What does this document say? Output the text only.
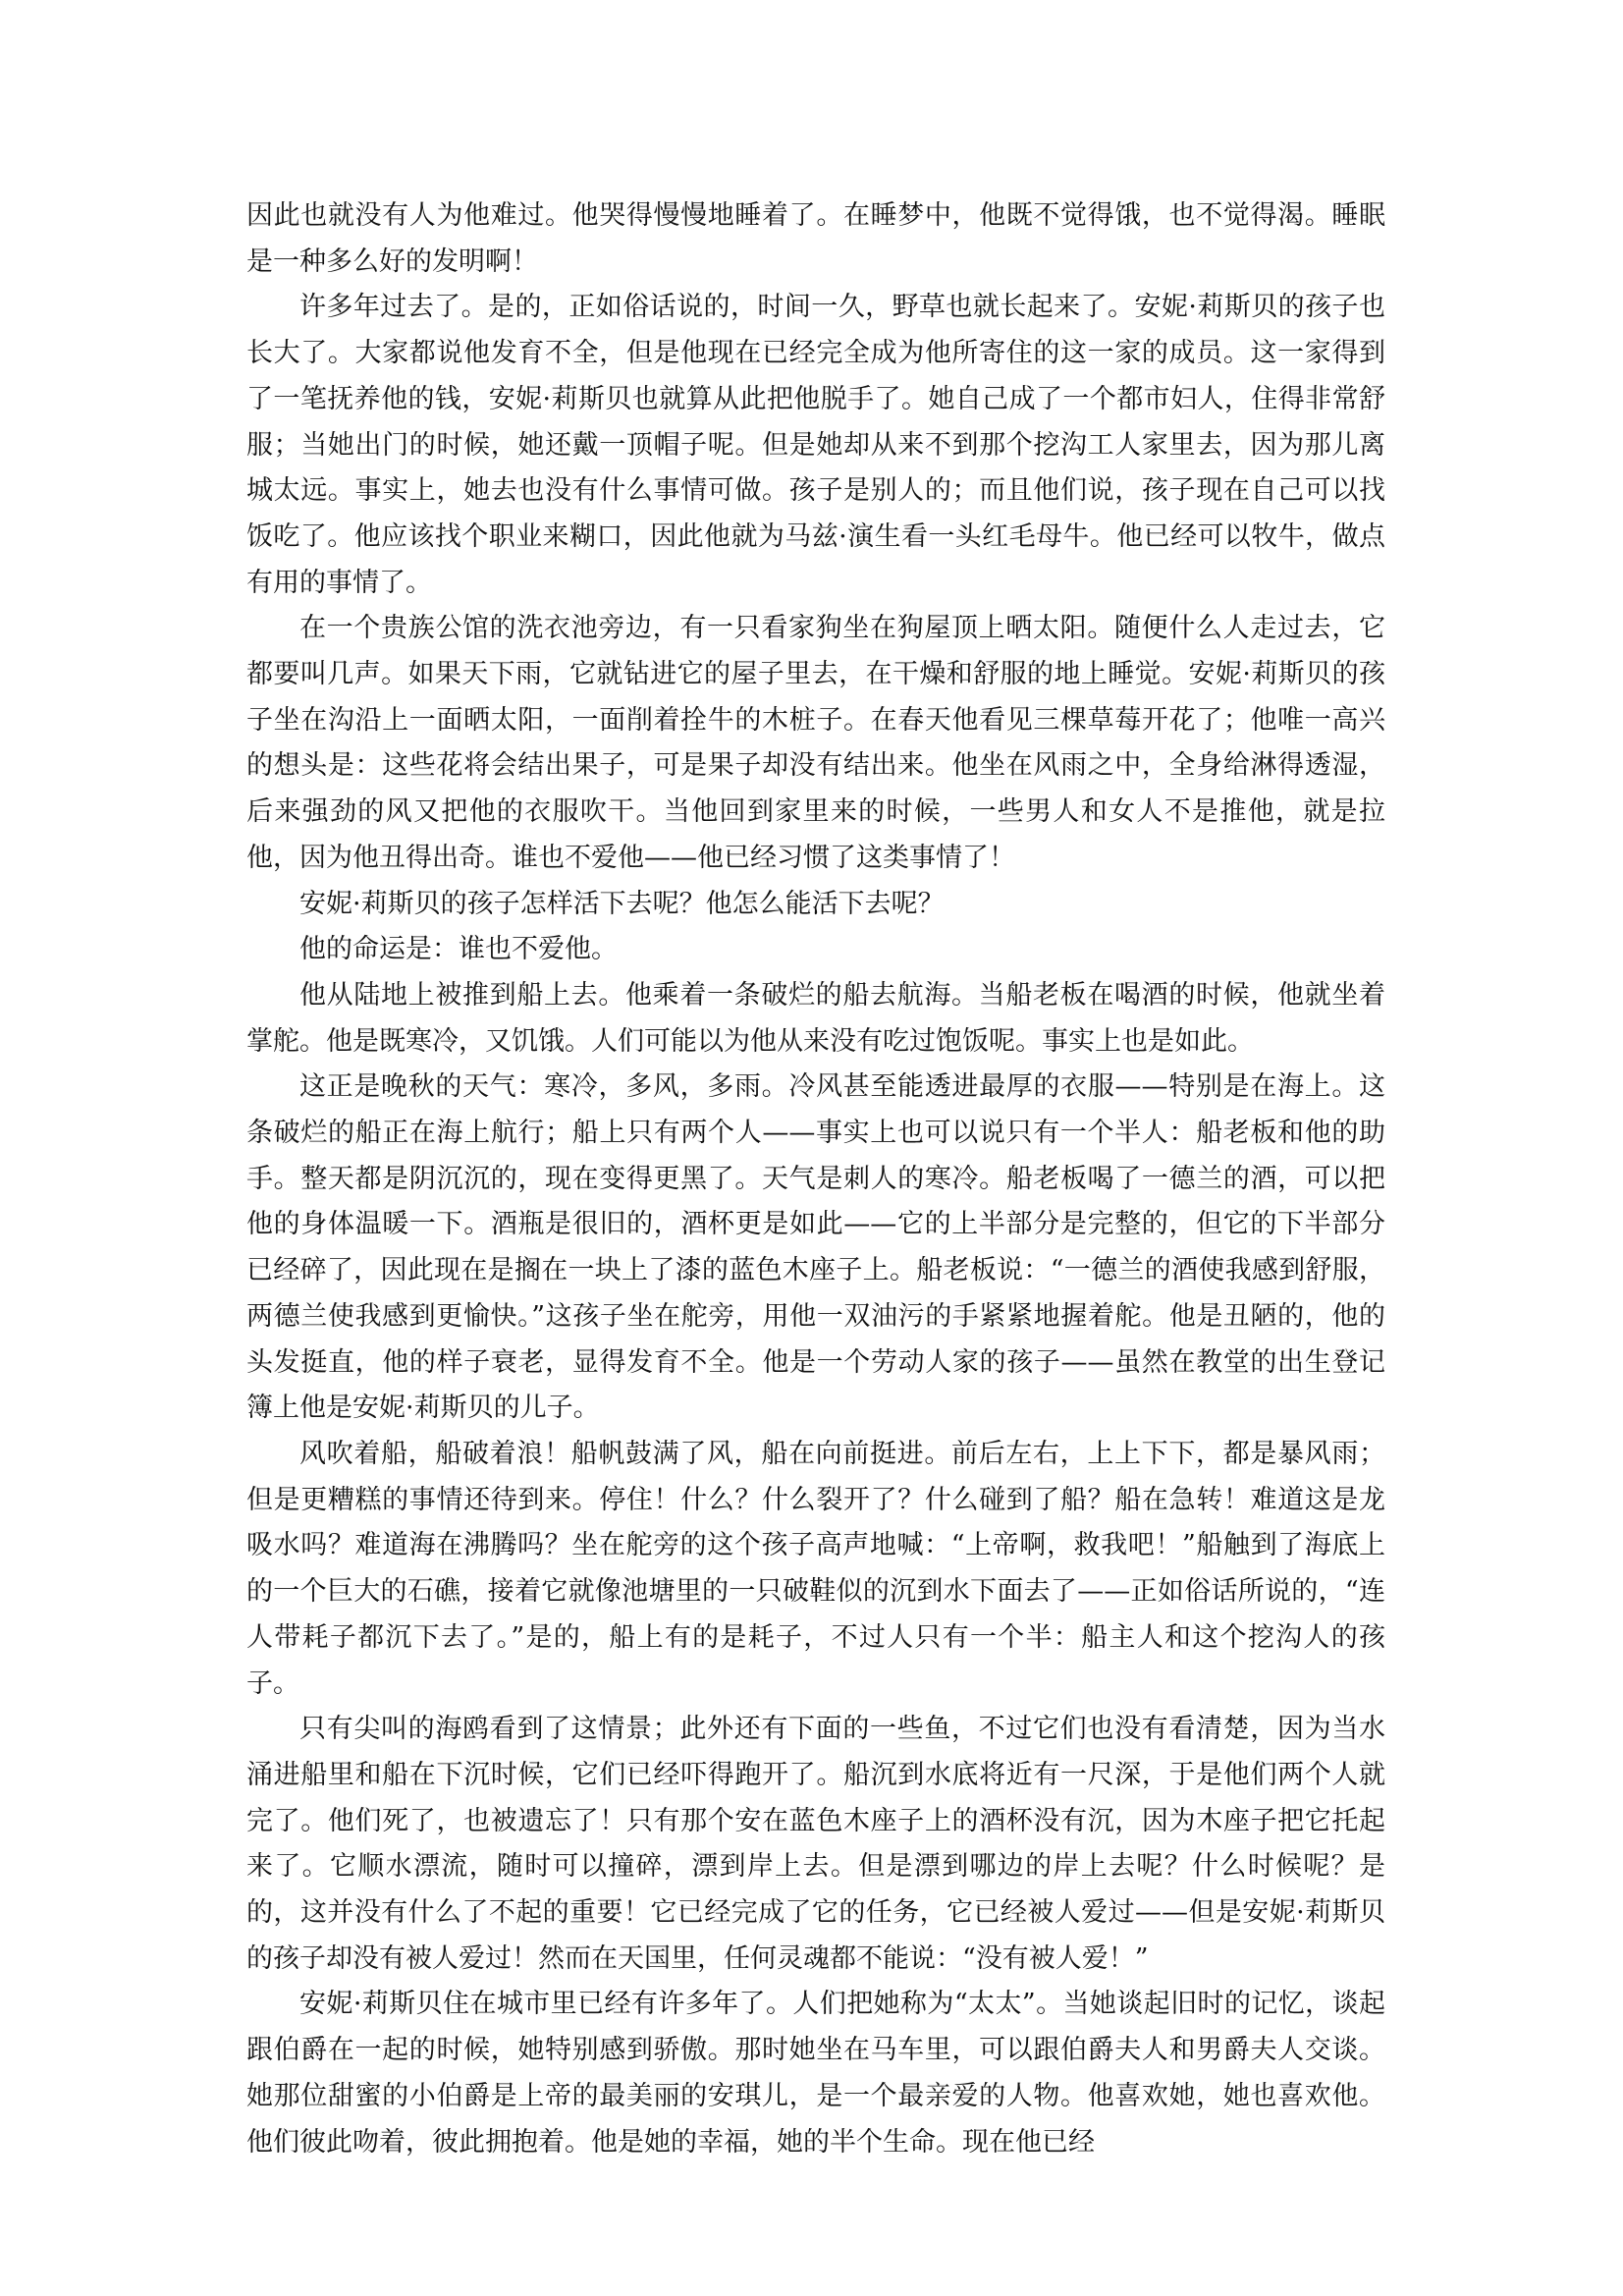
因此也就没有人为他难过。他哭得慢慢地睡着了。在睡梦中，他既不觉得饿，也不觉得渴。睡眠是一种多么好的发明啊！

许多年过去了。是的，正如俗话说的，时间一久，野草也就长起来了。安妮·莉斯贝的孩子也长大了。大家都说他发育不全，但是他现在已经完全成为他所寄住的这一家的成员。这一家得到了一笔抚养他的钱，安妮·莉斯贝也就算从此把他脱手了。她自己成了一个都市妇人，住得非常舒服；当她出门的时候，她还戴一顶帽子呢。但是她却从来不到那个挖沟工人家里去，因为那儿离城太远。事实上，她去也没有什么事情可做。孩子是别人的；而且他们说，孩子现在自己可以找饭吃了。他应该找个职业来糊口，因此他就为马兹·演生看一头红毛母牛。他已经可以牧牛，做点有用的事情了。

在一个贵族公馆的洗衣池旁边，有一只看家狗坐在狗屋顶上晒太阳。随便什么人走过去，它都要叫几声。如果天下雨，它就钻进它的屋子里去，在干燥和舒服的地上睡觉。安妮·莉斯贝的孩子坐在沟沿上一面晒太阳，一面削着拴牛的木桩子。在春天他看见三棵草莓开花了；他唯一高兴的想头是：这些花将会结出果子，可是果子却没有结出来。他坐在风雨之中，全身给淋得透湿，后来强劲的风又把他的衣服吹干。当他回到家里来的时候，一些男人和女人不是推他，就是拉他，因为他丑得出奇。谁也不爱他——他已经习惯了这类事情了！

安妮·莉斯贝的孩子怎样活下去呢？他怎么能活下去呢？

他的命运是：谁也不爱他。

他从陆地上被推到船上去。他乘着一条破烂的船去航海。当船老板在喝酒的时候，他就坐着掌舵。他是既寒冷，又饥饿。人们可能以为他从来没有吃过饱饭呢。事实上也是如此。

这正是晚秋的天气：寒冷，多风，多雨。冷风甚至能透进最厚的衣服——特别是在海上。这条破烂的船正在海上航行；船上只有两个人——事实上也可以说只有一个半人：船老板和他的助手。整天都是阴沉沉的，现在变得更黑了。天气是刺人的寒冷。船老板喝了一德兰的酒，可以把他的身体温暖一下。酒瓶是很旧的，酒杯更是如此——它的上半部分是完整的，但它的下半部分已经碎了，因此现在是搁在一块上了漆的蓝色木座子上。船老板说：“一德兰的酒使我感到舒服，两德兰使我感到更愉快。”这孩子坐在舵旁，用他一双油污的手紧紧地握着舵。他是丑陋的，他的头发挺直，他的样子衰老，显得发育不全。他是一个劳动人家的孩子——虽然在教堂的出生登记簿上他是安妮·莉斯贝的儿子。

风吹着船，船破着浪！船帆鼓满了风，船在向前挺进。前后左右，上上下下，都是暴风雨；但是更糟糕的事情还待到来。停住！什么？什么裂开了？什么碰到了船？船在急转！难道这是龙吸水吗？难道海在沸腾吗？坐在舵旁的这个孩子高声地喊：“上帝啊，救我吧！”船触到了海底上的一个巨大的石礁，接着它就像池塘里的一只破鞋似的沉到水下面去了——正如俗话所说的，“连人带耗子都沉下去了。”是的，船上有的是耗子，不过人只有一个半：船主人和这个挖沟人的孩子。

只有尖叫的海鸥看到了这情景；此外还有下面的一些鱼，不过它们也没有看清楚，因为当水涌进船里和船在下沉时候，它们已经吓得跑开了。船沉到水底将近有一尺深，于是他们两个人就完了。他们死了，也被遗忘了！只有那个安在蓝色木座子上的酒杯没有沉，因为木座子把它托起来了。它顺水漂流，随时可以撞碎，漂到岸上去。但是漂到哪边的岸上去呢？什么时候呢？是的，这并没有什么了不起的重要！它已经完成了它的任务，它已经被人爱过——但是安妮·莉斯贝的孩子却没有被人爱过！然而在天国里，任何灵魂都不能说：“没有被人爱！”

安妮·莉斯贝住在城市里已经有许多年了。人们把她称为“太太”。当她谈起旧时的记忆，谈起跟伯爵在一起的时候，她特别感到骄傲。那时她坐在马车里，可以跟伯爵夫人和男爵夫人交谈。她那位甜蜜的小伯爵是上帝的最美丽的安琪儿，是一个最亲爱的人物。他喜欢她，她也喜欢他。他们彼此吻着，彼此拥抱着。他是她的幸福，她的半个生命。现在他已经
